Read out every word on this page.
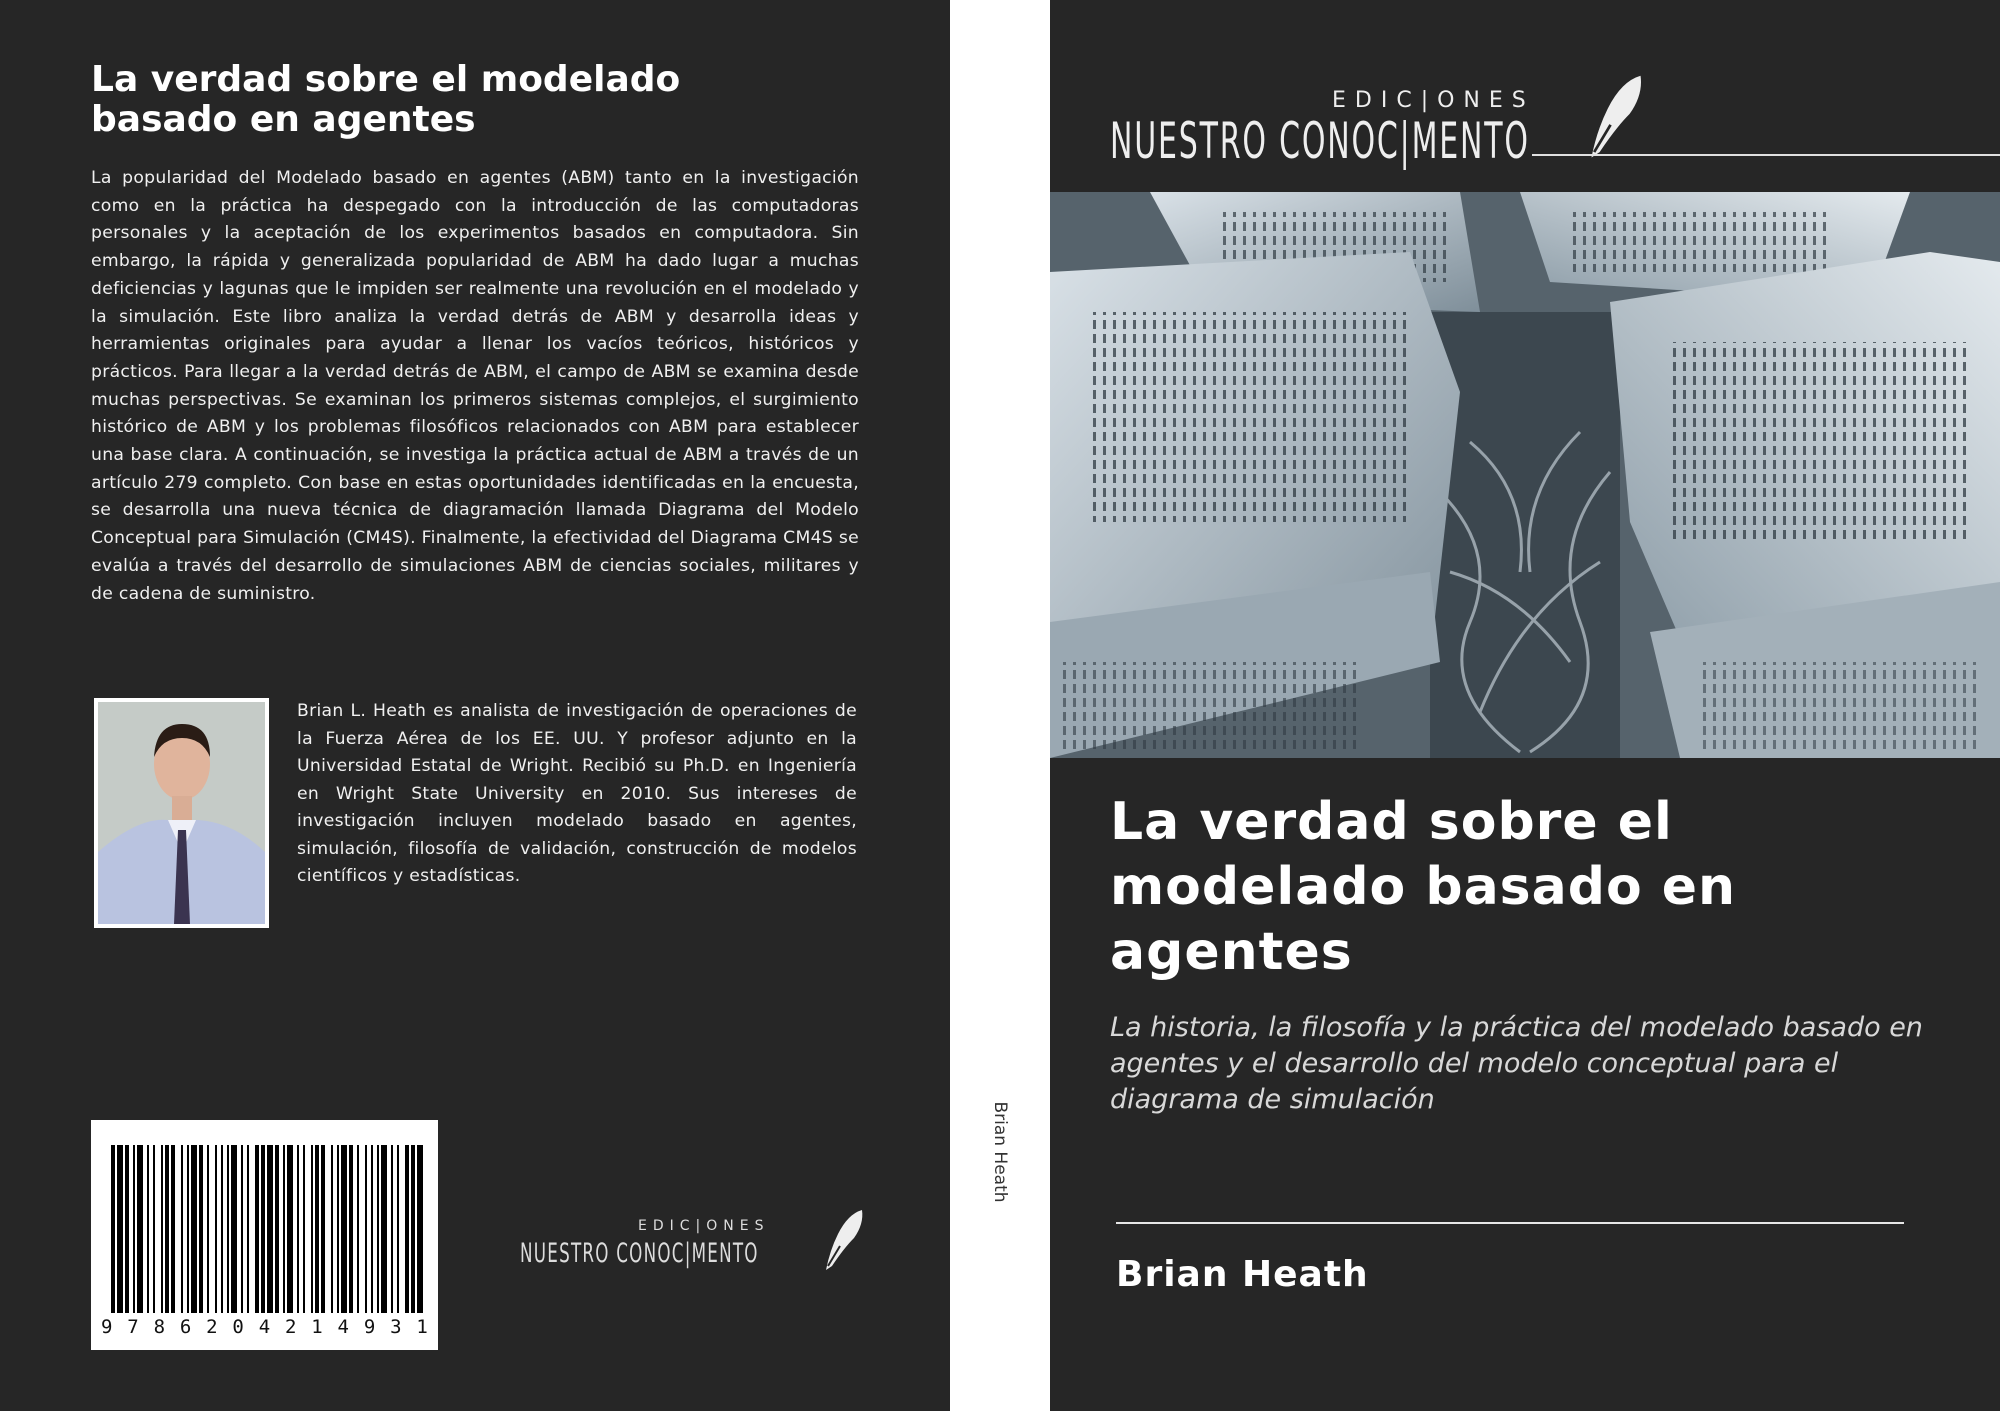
La verdad sobre el modelado basado en agentes

La popularidad del Modelado basado en agentes (ABM) tanto en la investigación como en la práctica ha despegado con la introducción de las computadoras personales y la aceptación de los experimentos basados en computadora. Sin embargo, la rápida y generalizada popularidad de ABM ha dado lugar a muchas deficiencias y lagunas que le impiden ser realmente una revolución en el modelado y la simulación. Este libro analiza la verdad detrás de ABM y desarrolla ideas y herramientas originales para ayudar a llenar los vacíos teóricos, históricos y prácticos. Para llegar a la verdad detrás de ABM, el campo de ABM se examina desde muchas perspectivas. Se examinan los primeros sistemas complejos, el surgimiento histórico de ABM y los problemas filosóficos relacionados con ABM para establecer una base clara. A continuación, se investiga la práctica actual de ABM a través de un artículo 279 completo. Con base en estas oportunidades identificadas en la encuesta, se desarrolla una nueva técnica de diagramación llamada Diagrama del Modelo Conceptual para Simulación (CM4S). Finalmente, la efectividad del Diagrama CM4S se evalúa a través del desarrollo de simulaciones ABM de ciencias sociales, militares y de cadena de suministro.

Brian L. Heath es analista de investigación de operaciones de la Fuerza Aérea de los EE. UU. Y profesor adjunto en la Universidad Estatal de Wright. Recibió su Ph.D. en Ingeniería en Wright State University en 2010. Sus intereses de investigación incluyen modelado basado en agentes, simulación, filosofía de validación, construcción de modelos científicos y estadísticas.

9 7 8 6 2 0 4 2 1 4 9 3 1
EDIC|ONES
NUESTRO CONOC|MENTO
Brian Heath
EDIC|ONES
NUESTRO CONOC|MENTO
La verdad sobre el modelado basado en agentes

La historia, la filosofía y la práctica del modelado basado en agentes y el desarrollo del modelo conceptual para el diagrama de simulación

Brian Heath
